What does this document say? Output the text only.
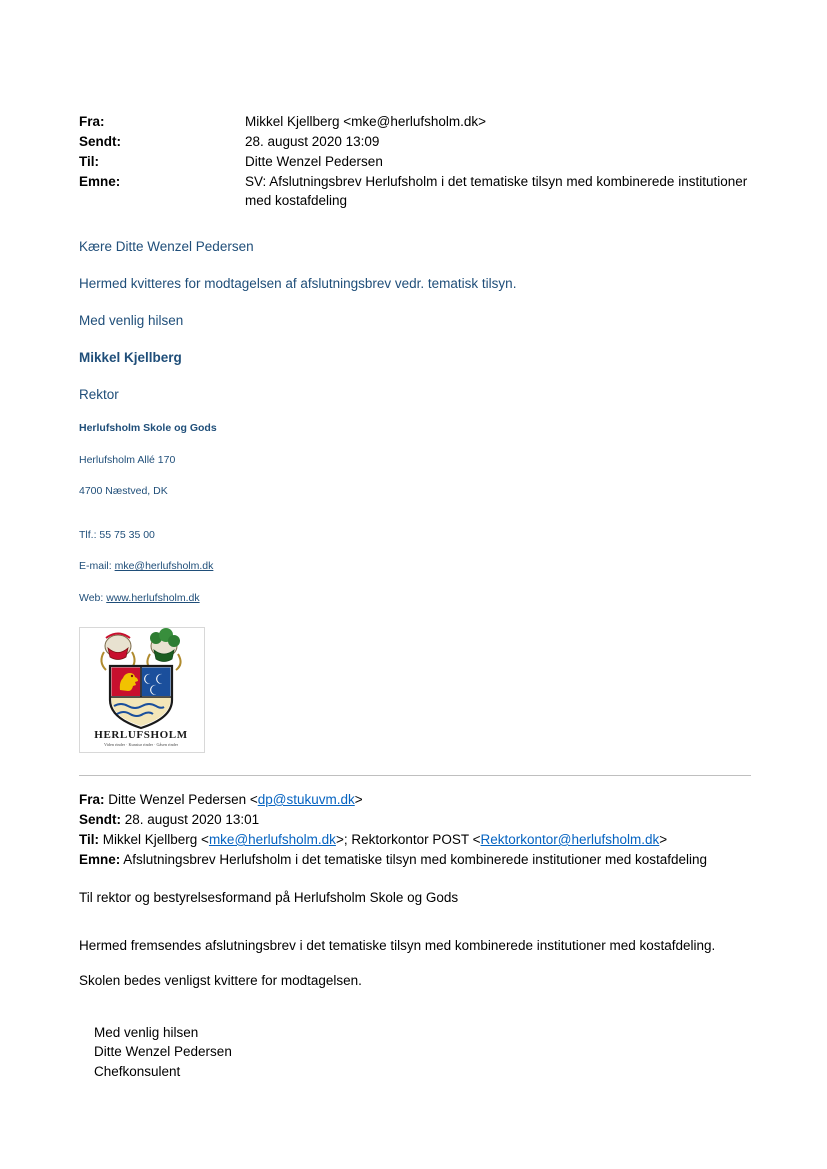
Fra:	Mikkel Kjellberg <mke@herlufsholm.dk>
Sendt:	28. august 2020 13:09
Til:	Ditte Wenzel Pedersen
Emne:	SV: Afslutningsbrev Herlufsholm i det tematiske tilsyn med kombinerede institutioner med kostafdeling

Kære Ditte Wenzel Pedersen

Hermed kvitteres for modtagelsen af afslutningsbrev vedr. tematisk tilsyn.

Med venlig hilsen

Mikkel Kjellberg

Rektor

Herlufsholm Skole og Gods

Herlufsholm Allé 170

4700 Næstved, DK

Tlf.: 55 75 35 00

E-mail: mke@herlufsholm.dk

Web: www.herlufsholm.dk

HERLUFSHOLM
Viden rinder · Kunstur rinder · Gåsen rinder

Fra: Ditte Wenzel Pedersen <dp@stukuvm.dk>

Sendt: 28. august 2020 13:01

Til: Mikkel Kjellberg <mke@herlufsholm.dk>; Rektorkontor POST <Rektorkontor@herlufsholm.dk>

Emne: Afslutningsbrev Herlufsholm i det tematiske tilsyn med kombinerede institutioner med kostafdeling

Til rektor og bestyrelsesformand på Herlufsholm Skole og Gods

Hermed fremsendes afslutningsbrev i det tematiske tilsyn med kombinerede institutioner med kostafdeling.

Skolen bedes venligst kvittere for modtagelsen.

Med venlig hilsen

Ditte Wenzel Pedersen

Chefkonsulent
